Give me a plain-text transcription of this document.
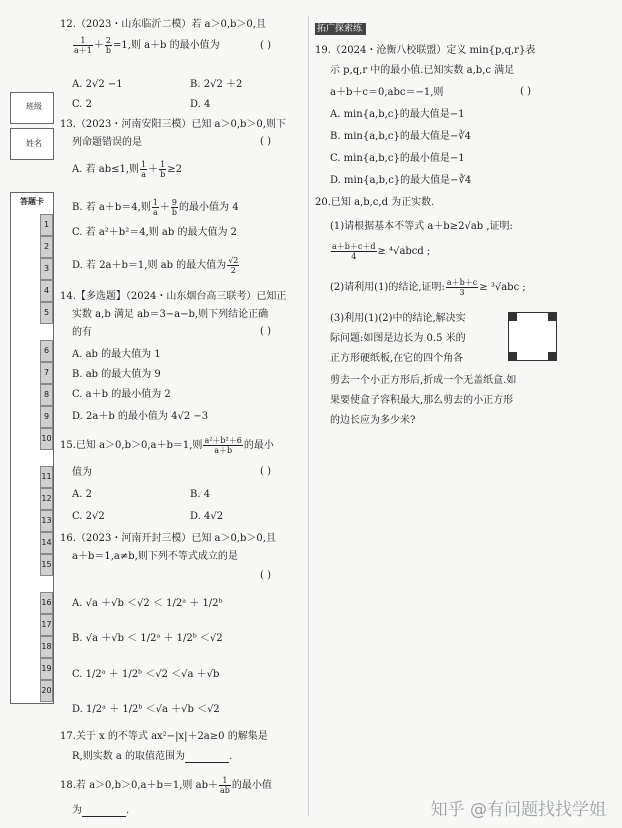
班级
姓名
答题卡
1
2
3
4
5
6
7
8
9
10
11
12
13
14
15
16
17
18
19
20
12.（2023・山东临沂二模）若 a＞0,b＞0,且
$\frac{1}{a+1} + \frac{2}{b} =1$,则 a＋b 的最小值为	( )
A. 2√2 −1	B. 2√2 ＋2
C. 2	D. 4
13.（2023・河南安阳三模）已知 a＞0,b＞0,则下
列命题错误的是	( )
A. 若 ab≤1,则 $\frac{1}{a} + \frac{1}{b} \ge 2$
B. 若 a＋b＝4,则 $\frac{1}{a} + \frac{9}{b}$ 的最小值为 4
C. 若 a²＋b²＝4,则 ab 的最大值为 2
D. 若 2a＋b＝1,则 ab 的最大值为 $\frac{√2}{2}$
14.【多选题】（2024・山东烟台高三联考）已知正
实数 a,b 满足 ab＝3−a−b,则下列结论正确
的有	( )
A. ab 的最大值为 1
B. ab 的最大值为 9
C. a＋b 的最小值为 2
D. 2a＋b 的最小值为 4√2 −3
15.已知 a＞0,b＞0,a＋b＝1,则 $\frac{\text{a²＋b²＋6}}{a+b}$ 的最小
值为	( )
A. 2	B. 4
C. 2√2	D. 4√2
16.（2023・河南开封三模）已知 a＞0,b＞0,且
a＋b＝1,a≠b,则下列不等式成立的是
( )
A. √a ＋√b ＜√2 ＜ 1/2ᵃ ＋ 1/2ᵇ
B. √a ＋√b ＜ 1/2ᵃ ＋ 1/2ᵇ ＜√2
C. 1/2ᵃ ＋ 1/2ᵇ ＜√2 ＜√a ＋√b
D. 1/2ᵃ ＋ 1/2ᵇ ＜√a ＋√b ＜√2
17.关于 x 的不等式 ax²−|x|＋2a≥0 的解集是
R,则实数 a 的取值范围为	.
18.若 a＞0,b＞0,a＋b＝1,则 $ab+ \frac{1}{ab}$ 的最小值
为	.
拓广探索练
19.（2024・沧衡八校联盟）定义 min{p,q,r}表
示 p,q,r 中的最小值.已知实数 a,b,c 满足
a＋b＋c＝0,abc＝−1,则	( )
A. min{a,b,c}的最大值是−1
B. min{a,b,c}的最大值是−∛4
C. min{a,b,c}的最小值是−1
D. min{a,b,c}的最大值是−∛4
20.已知 a,b,c,d 为正实数.
(1)请根据基本不等式 a＋b≥2√ab ,证明:
$\frac{a+b+c+d}{4}$ ≥ ⁴√abcd ;
(2)请利用(1)的结论,证明: $\frac{a+b+c}{3} \ge ^3√abc$ ;
(3)利用(1)(2)中的结论,解决实
际问题:如图是边长为 0.5 米的
正方形硬纸板,在它的四个角各
剪去一个小正方形后,折成一个无盖纸盒.如
果要使盒子容积最大,那么剪去的小正方形
的边长应为多少米?
知乎 @有问题找找学姐
